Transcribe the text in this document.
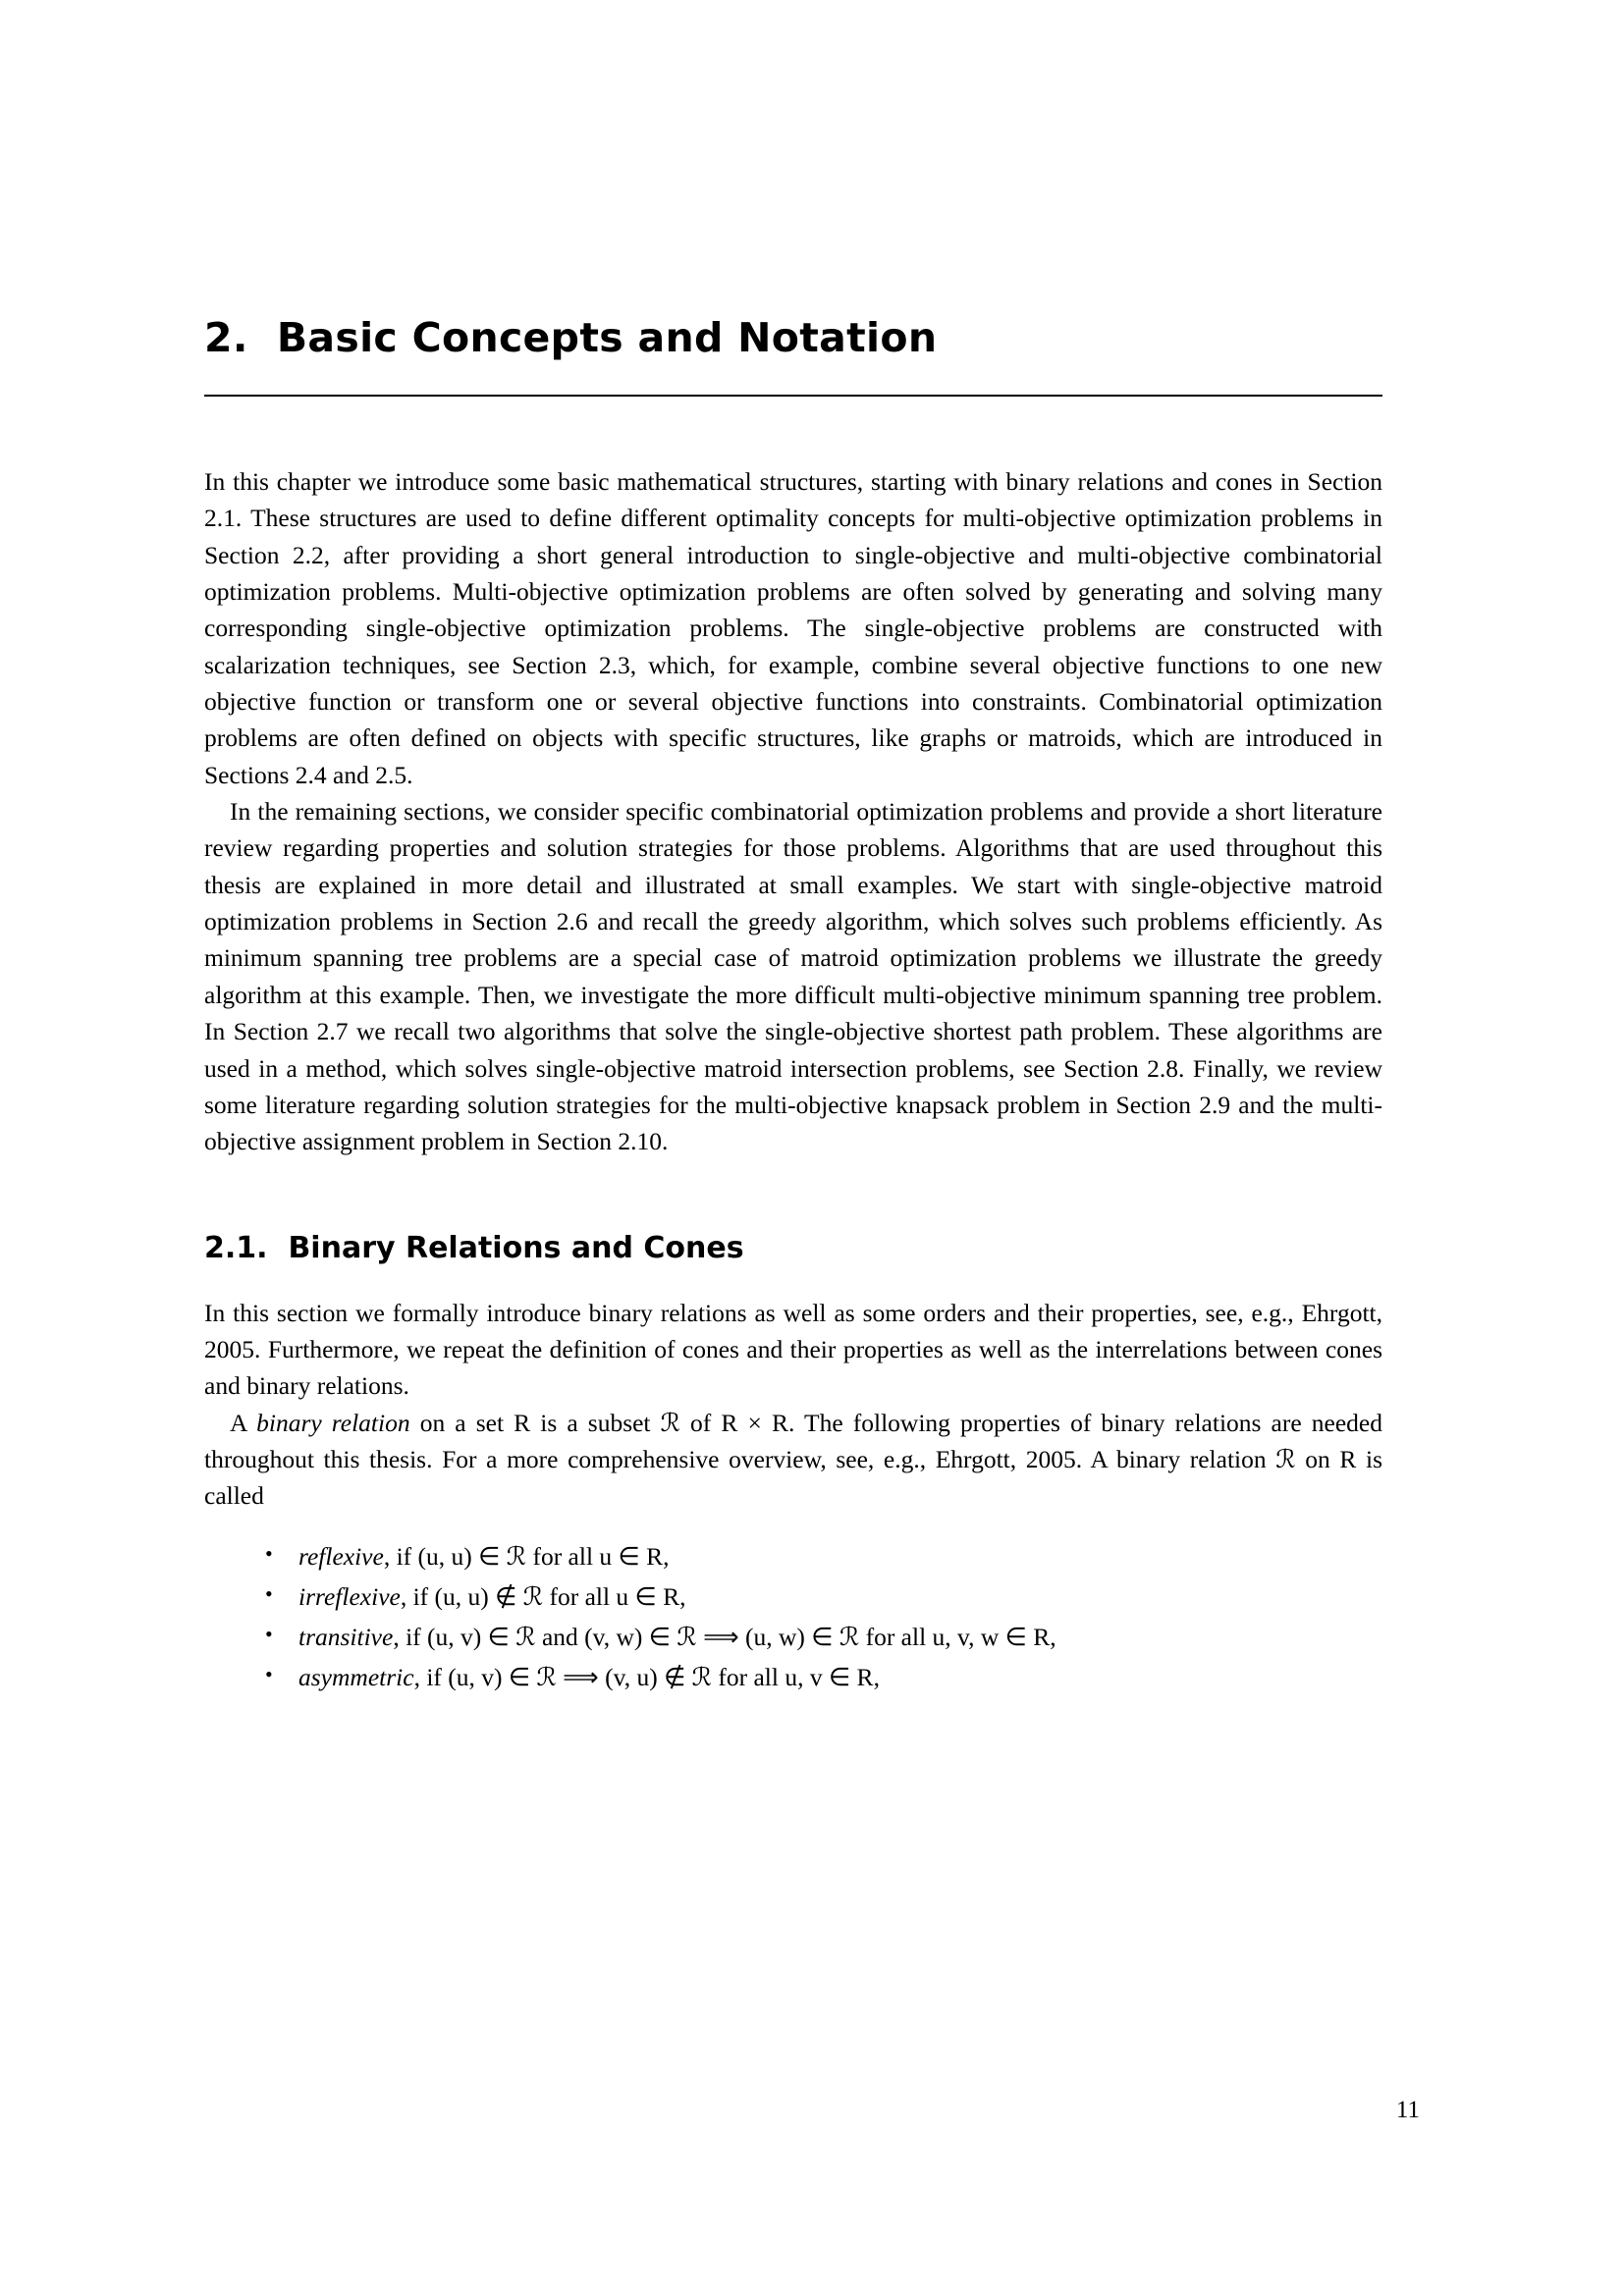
2. Basic Concepts and Notation

In this chapter we introduce some basic mathematical structures, starting with binary relations and cones in Section 2.1. These structures are used to define different optimality concepts for multi-objective optimization problems in Section 2.2, after providing a short general introduction to single-objective and multi-objective combinatorial optimization problems. Multi-objective optimization problems are often solved by generating and solving many corresponding single-objective optimization problems. The single-objective problems are constructed with scalarization techniques, see Section 2.3, which, for example, combine several objective functions to one new objective function or transform one or several objective functions into constraints. Combinatorial optimization problems are often defined on objects with specific structures, like graphs or matroids, which are introduced in Sections 2.4 and 2.5.

In the remaining sections, we consider specific combinatorial optimization problems and provide a short literature review regarding properties and solution strategies for those problems. Algorithms that are used throughout this thesis are explained in more detail and illustrated at small examples. We start with single-objective matroid optimization problems in Section 2.6 and recall the greedy algorithm, which solves such problems efficiently. As minimum spanning tree problems are a special case of matroid optimization problems we illustrate the greedy algorithm at this example. Then, we investigate the more difficult multi-objective minimum spanning tree problem. In Section 2.7 we recall two algorithms that solve the single-objective shortest path problem. These algorithms are used in a method, which solves single-objective matroid intersection problems, see Section 2.8. Finally, we review some literature regarding solution strategies for the multi-objective knapsack problem in Section 2.9 and the multi-objective assignment problem in Section 2.10.

2.1. Binary Relations and Cones

In this section we formally introduce binary relations as well as some orders and their properties, see, e.g., Ehrgott, 2005. Furthermore, we repeat the definition of cones and their properties as well as the interrelations between cones and binary relations.

A binary relation on a set R is a subset ℛ of R × R. The following properties of binary relations are needed throughout this thesis. For a more comprehensive overview, see, e.g., Ehrgott, 2005. A binary relation ℛ on R is called

• reflexive, if (u, u) ∈ ℛ for all u ∈ R,
• irreflexive, if (u, u) ∉ ℛ for all u ∈ R,
• transitive, if (u, v) ∈ ℛ and (v, w) ∈ ℛ ⟹ (u, w) ∈ ℛ for all u, v, w ∈ R,
• asymmetric, if (u, v) ∈ ℛ ⟹ (v, u) ∉ ℛ for all u, v ∈ R,
11
